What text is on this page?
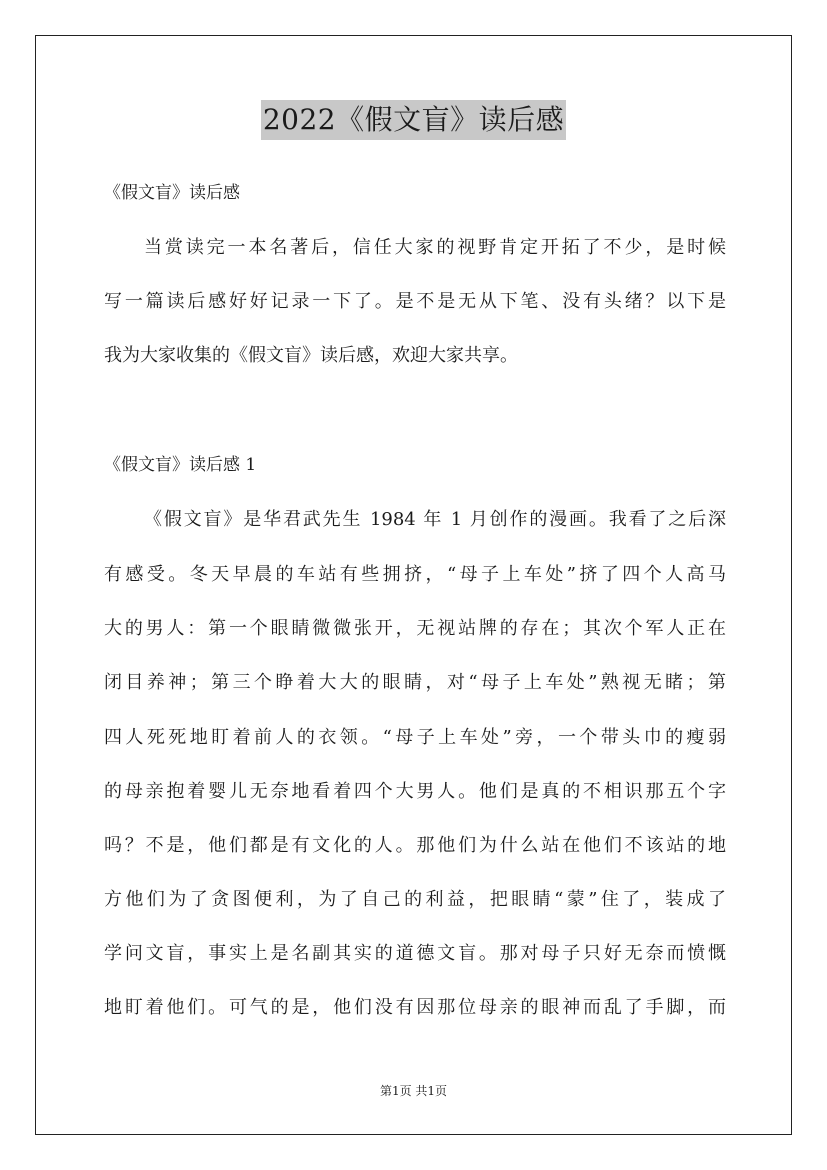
2022《假文盲》读后感
《假文盲》读后感
当赏读完一本名著后，信任大家的视野肯定开拓了不少，是时候
写一篇读后感好好记录一下了。是不是无从下笔、没有头绪？以下是
我为大家收集的《假文盲》读后感，欢迎大家共享。
《假文盲》读后感 1
《假文盲》是华君武先生 1984 年 1 月创作的漫画。我看了之后深
有感受。冬天早晨的车站有些拥挤，“母子上车处”挤了四个人高马
大的男人：第一个眼睛微微张开，无视站牌的存在；其次个军人正在
闭目养神；第三个睁着大大的眼睛，对“母子上车处”熟视无睹；第
四人死死地盯着前人的衣领。“母子上车处”旁，一个带头巾的瘦弱
的母亲抱着婴儿无奈地看着四个大男人。他们是真的不相识那五个字
吗？不是，他们都是有文化的人。那他们为什么站在他们不该站的地
方他们为了贪图便利，为了自己的利益，把眼睛“蒙”住了，装成了
学问文盲，事实上是名副其实的道德文盲。那对母子只好无奈而愤慨
地盯着他们。可气的是，他们没有因那位母亲的眼神而乱了手脚，而
第1页 共1页
